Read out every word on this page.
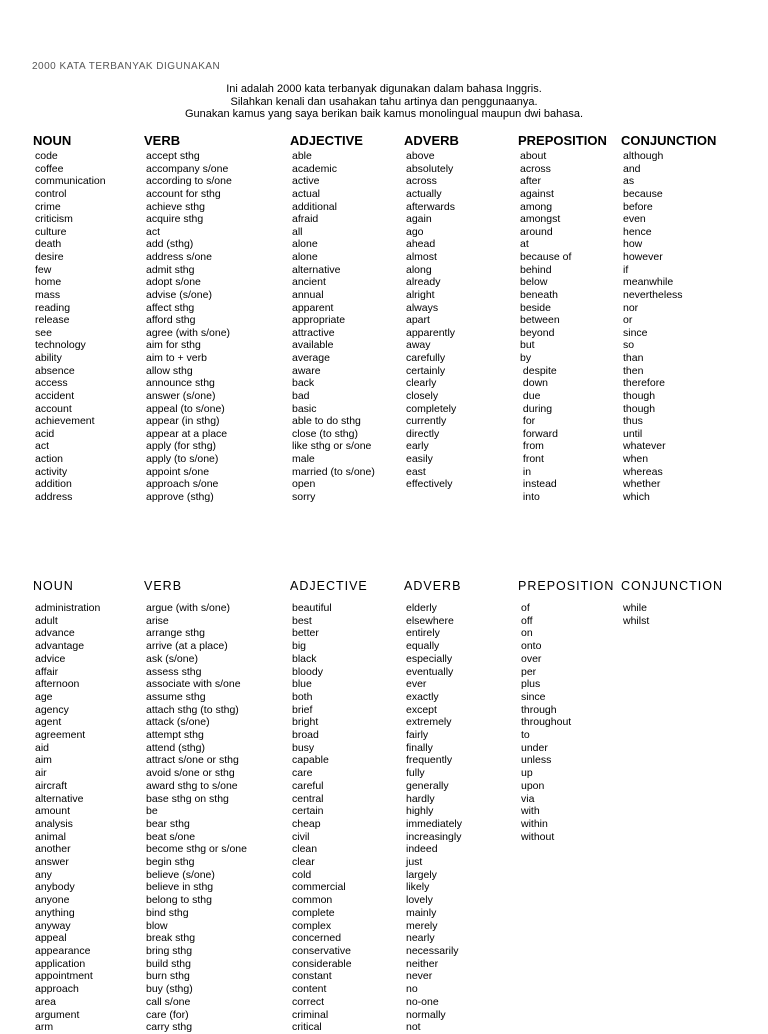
2000 KATA TERBANYAK DIGUNAKAN
Ini adalah 2000 kata terbanyak digunakan dalam bahasa Inggris.
Silahkan kenali dan usahakan tahu artinya dan penggunaanya.
Gunakan kamus yang saya berikan baik kamus monolingual maupun dwi bahasa.
NOUN
code
coffee
communication
control
crime
criticism
culture
death
desire
few
home
mass
reading
release
see
technology
ability
absence
access
accident
account
achievement
acid
act
action
activity
addition
address
VERB
accept sthg
accompany s/one
according to s/one
account for sthg
achieve sthg
acquire sthg
act
add (sthg)
address s/one
admit sthg
adopt s/one
advise (s/one)
affect sthg
afford sthg
agree (with s/one)
aim for sthg
aim to + verb
allow sthg
announce sthg
answer (s/one)
appeal (to s/one)
appear (in sthg)
appear at a place
apply (for sthg)
apply (to s/one)
appoint s/one
approach s/one
approve (sthg)
ADJECTIVE
able
academic
active
actual
additional
afraid
all
alone
alone
alternative
ancient
annual
apparent
appropriate
attractive
available
average
aware
back
bad
basic
able to do sthg
close (to sthg)
like sthg or s/one
male
married (to s/one)
open
sorry
ADVERB
above
absolutely
across
actually
afterwards
again
ago
ahead
almost
along
already
alright
always
apart
apparently
away
carefully
certainly
clearly
closely
completely
currently
directly
early
easily
east
effectively
PREPOSITION
about
across
after
against
among
amongst
around
at
because of
behind
below
beneath
beside
between
beyond
but
by
despite
down
due
during
for
forward
from
front
in
instead
into
CONJUNCTION
although
and
as
because
before
even
hence
how
however
if
meanwhile
nevertheless
nor
or
since
so
than
then
therefore
though
though
thus
until
whatever
when
whereas
whether
which
NOUN
administration
adult
advance
advantage
advice
affair
afternoon
age
agency
agent
agreement
aid
aim
air
aircraft
alternative
amount
analysis
animal
another
answer
any
anybody
anyone
anything
anyway
appeal
appearance
application
appointment
approach
area
argument
arm
VERB
argue (with s/one)
arise
arrange sthg
arrive (at a place)
ask (s/one)
assess sthg
associate with s/one
assume sthg
attach sthg (to sthg)
attack (s/one)
attempt sthg
attend (sthg)
attract s/one or sthg
avoid s/one or sthg
award sthg to s/one
base sthg on sthg
be
bear sthg
beat s/one
become sthg or s/one
begin sthg
believe (s/one)
believe in sthg
belong to sthg
bind sthg
blow
break sthg
bring sthg
build sthg
burn sthg
buy (sthg)
call s/one
care (for)
carry sthg
ADJECTIVE
beautiful
best
better
big
black
bloody
blue
both
brief
bright
broad
busy
capable
care
careful
central
certain
cheap
civil
clean
clear
cold
commercial
common
complete
complex
concerned
conservative
considerable
constant
content
correct
criminal
critical
ADVERB
elderly
elsewhere
entirely
equally
especially
eventually
ever
exactly
except
extremely
fairly
finally
frequently
fully
generally
hardly
highly
immediately
increasingly
indeed
just
largely
likely
lovely
mainly
merely
nearly
necessarily
neither
never
no
no-one
normally
not
PREPOSITION
of
off
on
onto
over
per
plus
since
through
throughout
to
under
unless
up
upon
via
with
within
without
CONJUNCTION
while
whilst
